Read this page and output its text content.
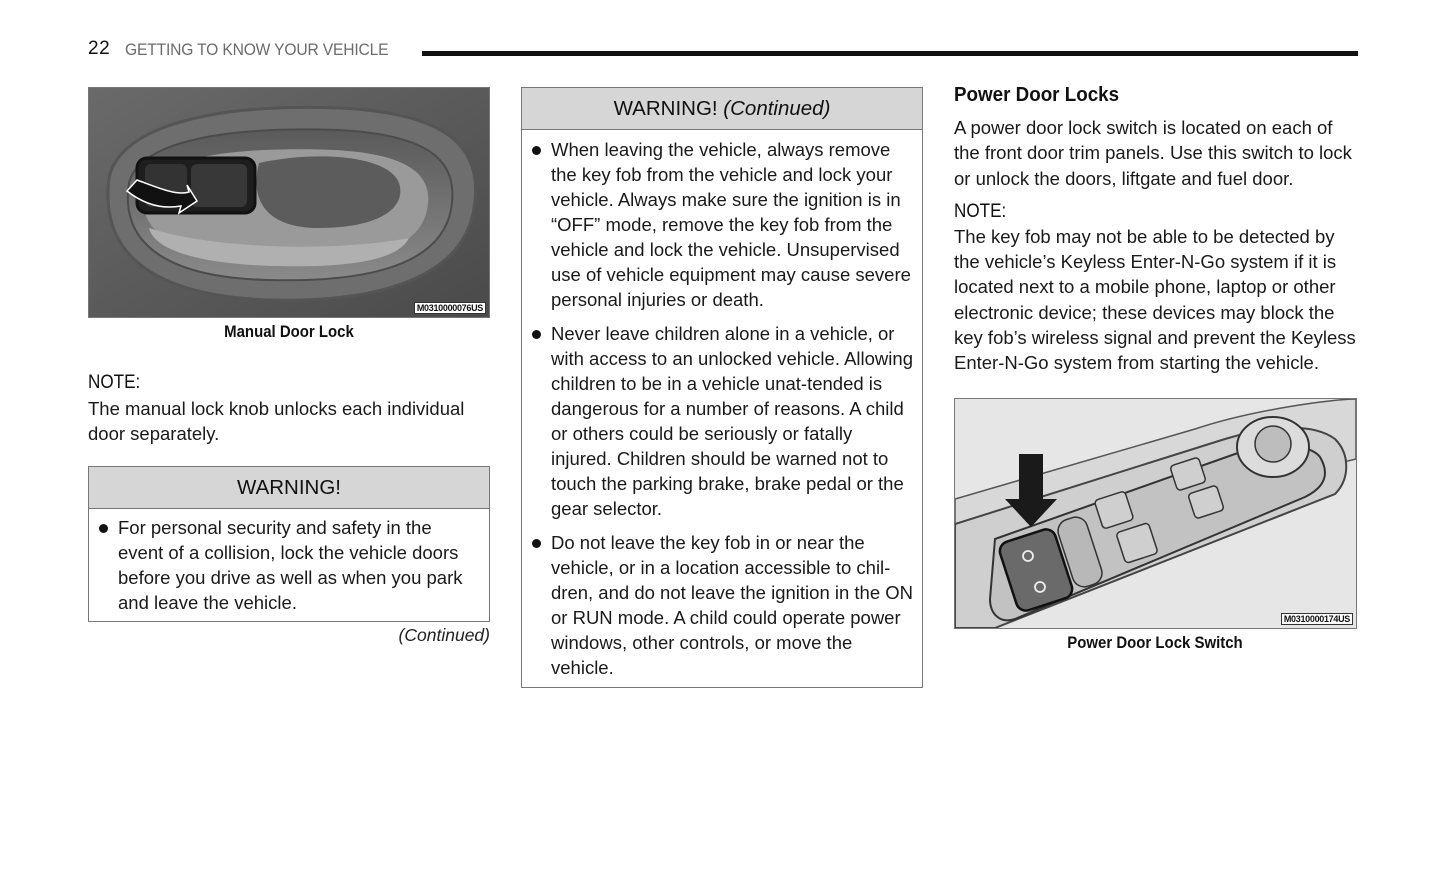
22 GETTING TO KNOW YOUR VEHICLE
M0310000076US
Manual Door Lock
NOTE:
The manual lock knob unlocks each individual door separately.
WARNING!
For personal security and safety in the event of a collision, lock the vehicle doors before you drive as well as when you park and leave the vehicle.
(Continued)
WARNING! (Continued)
When leaving the vehicle, always remove the key fob from the vehicle and lock your vehicle. Always make sure the ignition is in “OFF” mode, remove the key fob from the vehicle and lock the vehicle. Unsupervised use of vehicle equipment may cause severe personal injuries or death.
Never leave children alone in a vehicle, or with access to an unlocked vehicle. Allowing children to be in a vehicle unat-tended is dangerous for a number of reasons. A child or others could be seriously or fatally injured. Children should be warned not to touch the parking brake, brake pedal or the gear selector.
Do not leave the key fob in or near the vehicle, or in a location accessible to chil-dren, and do not leave the ignition in the ON or RUN mode. A child could operate power windows, other controls, or move the vehicle.
Power Door Locks
A power door lock switch is located on each of the front door trim panels. Use this switch to lock or unlock the doors, liftgate and fuel door.
NOTE:
The key fob may not be able to be detected by the vehicle’s Keyless Enter-N-Go system if it is located next to a mobile phone, laptop or other electronic device; these devices may block the key fob’s wireless signal and prevent the Keyless Enter-N-Go system from starting the vehicle.
M0310000174US
Power Door Lock Switch
